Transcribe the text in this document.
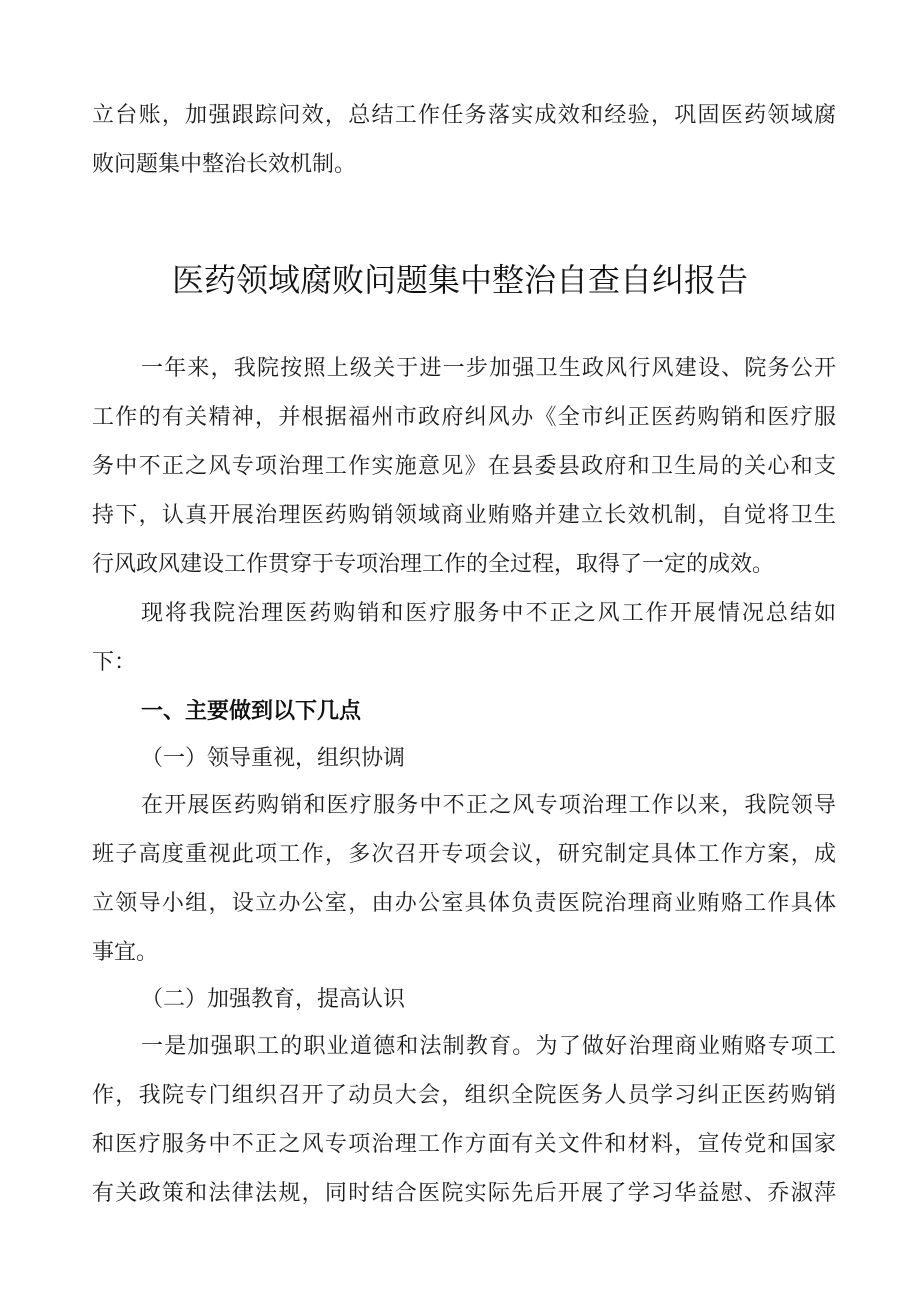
立台账，加强跟踪问效，总结工作任务落实成效和经验，巩固医药领域腐
败问题集中整治长效机制。
医药领域腐败问题集中整治自查自纠报告
一年来，我院按照上级关于进一步加强卫生政风行风建设、院务公开
工作的有关精神，并根据福州市政府纠风办《全市纠正医药购销和医疗服
务中不正之风专项治理工作实施意见》在县委县政府和卫生局的关心和支
持下，认真开展治理医药购销领域商业贿赂并建立长效机制，自觉将卫生
行风政风建设工作贯穿于专项治理工作的全过程，取得了一定的成效。
现将我院治理医药购销和医疗服务中不正之风工作开展情况总结如
下：
一、主要做到以下几点
（一）领导重视，组织协调
在开展医药购销和医疗服务中不正之风专项治理工作以来，我院领导
班子高度重视此项工作，多次召开专项会议，研究制定具体工作方案，成
立领导小组，设立办公室，由办公室具体负责医院治理商业贿赂工作具体
事宜。
（二）加强教育，提高认识
一是加强职工的职业道德和法制教育。为了做好治理商业贿赂专项工
作，我院专门组织召开了动员大会，组织全院医务人员学习纠正医药购销
和医疗服务中不正之风专项治理工作方面有关文件和材料，宣传党和国家
有关政策和法律法规，同时结合医院实际先后开展了学习华益慰、乔淑萍
